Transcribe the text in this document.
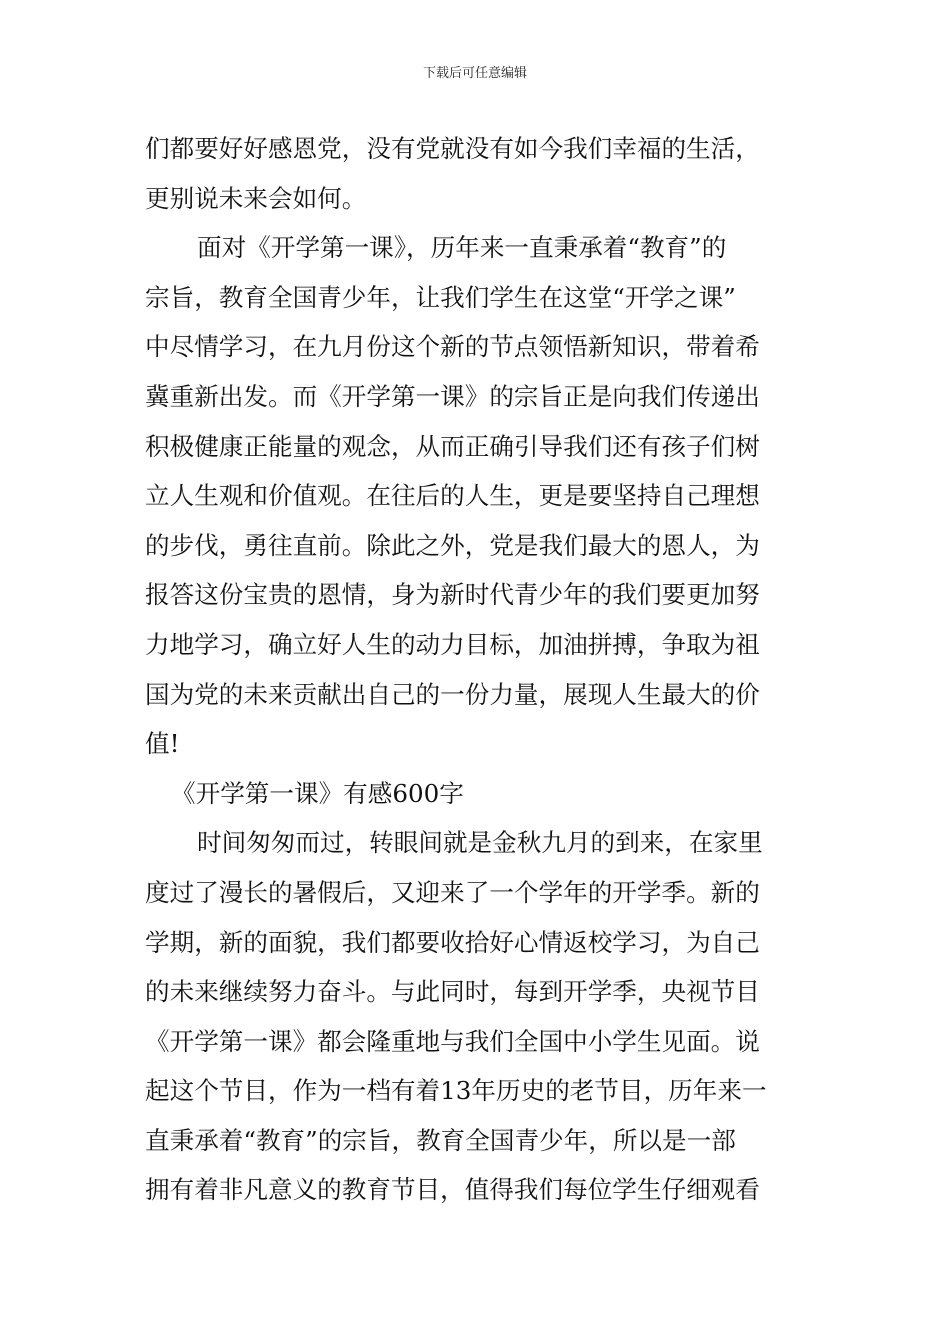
下载后可任意编辑
们都要好好感恩党，没有党就没有如今我们幸福的生活，
更别说未来会如何。
面对《开学第一课》，历年来一直秉承着“教育”的
宗旨，教育全国青少年，让我们学生在这堂“开学之课”
中尽情学习，在九月份这个新的节点领悟新知识，带着希
冀重新出发。而《开学第一课》的宗旨正是向我们传递出
积极健康正能量的观念，从而正确引导我们还有孩子们树
立人生观和价值观。在往后的人生，更是要坚持自己理想
的步伐，勇往直前。除此之外，党是我们最大的恩人，为
报答这份宝贵的恩情，身为新时代青少年的我们要更加努
力地学习，确立好人生的动力目标，加油拼搏，争取为祖
国为党的未来贡献出自己的一份力量，展现人生最大的价
值!
《开学第一课》有感600字
时间匆匆而过，转眼间就是金秋九月的到来，在家里
度过了漫长的暑假后，又迎来了一个学年的开学季。新的
学期，新的面貌，我们都要收拾好心情返校学习，为自己
的未来继续努力奋斗。与此同时，每到开学季，央视节目
《开学第一课》都会隆重地与我们全国中小学生见面。说
起这个节目，作为一档有着13年历史的老节目，历年来一
直秉承着“教育”的宗旨，教育全国青少年，所以是一部
拥有着非凡意义的教育节目，值得我们每位学生仔细观看
